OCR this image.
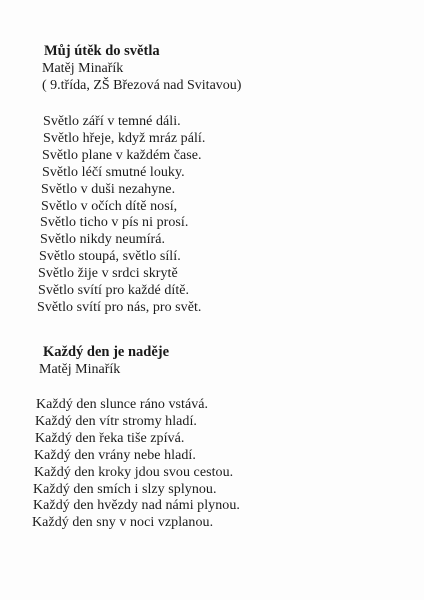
Můj útěk do světla
Matěj Minařík
( 9.třída, ZŠ Březová nad Svitavou)
Světlo září v temné dáli.
Světlo hřeje, když mráz pálí.
Světlo plane v každém čase.
Světlo léčí smutné louky.
Světlo v duši nezahyne.
Světlo v očích dítě nosí,
Světlo ticho v pís ni prosí.
Světlo nikdy neumírá.
Světlo stoupá, světlo sílí.
Světlo žije v srdci skrytě
Světlo svítí pro každé dítě.
Světlo svítí pro nás, pro svět.
Každý den je naděje
Matěj Minařík
Každý den slunce ráno vstává.
Každý den vítr stromy hladí.
Každý den řeka tiše zpívá.
Každý den vrány nebe hladí.
Každý den kroky jdou svou cestou.
Každý den smích i slzy splynou.
Každý den hvězdy nad námi plynou.
Každý den sny v noci vzplanou.
